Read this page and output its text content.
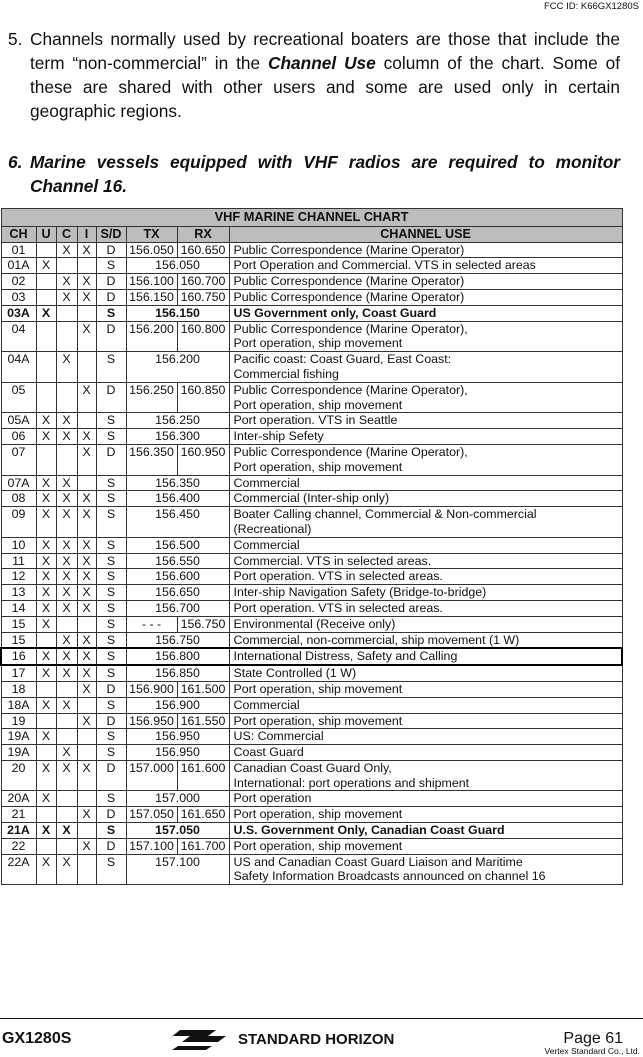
FCC ID: K66GX1280S
5. Channels normally used by recreational boaters are those that include the term “non-commercial” in the Channel Use column of the chart. Some of these are shared with other users and some are used only in certain geographic regions.
6. Marine vessels equipped with VHF radios are required to monitor Channel 16.
VHF MARINE CHANNEL CHART							
CH	U	C	I	S/D	TX	RX	CHANNEL USE
01		X	X	D	156.050	160.650	Public Correspondence (Marine Operator)

01A	X			S	156.050		Port Operation and Commercial. VTS in selected areas

02		X	X	D	156.100	160.700	Public Correspondence (Marine Operator)

03		X	X	D	156.150	160.750	Public Correspondence (Marine Operator)

03A	X			S	156.150		US Government only, Coast Guard

04			X	D	156.200	160.800	Public Correspondence (Marine Operator),
Port operation, ship movement

04A		X		S	156.200		Pacific coast: Coast Guard, East Coast:
Commercial fishing

05			X	D	156.250	160.850	Public Correspondence (Marine Operator),
Port operation, ship movement

05A	X	X		S	156.250		Port operation. VTS in Seattle

06	X	X	X	S	156.300		Inter-ship Sefety

07			X	D	156.350	160.950	Public Correspondence (Marine Operator),
Port operation, ship movement

07A	X	X		S	156.350		Commercial

08	X	X	X	S	156.400		Commercial (Inter-ship only)

09	X	X	X	S	156.450		Boater Calling channel, Commercial & Non-commercial
(Recreational)

10	X	X	X	S	156.500		Commercial

11	X	X	X	S	156.550		Commercial. VTS in selected areas.

12	X	X	X	S	156.600		Port operation. VTS in selected areas.

13	X	X	X	S	156.650		Inter-ship Navigation Safety (Bridge-to-bridge)

14	X	X	X	S	156.700		Port operation. VTS in selected areas.

15	X			S	- - -	156.750	Environmental (Receive only)

15		X	X	S	156.750		Commercial, non-commercial, ship movement (1 W)

16	X	X	X	S	156.800		International Distress, Safety and Calling

17	X	X	X	S	156.850		State Controlled (1 W)

18			X	D	156.900	161.500	Port operation, ship movement

18A	X	X		S	156.900		Commercial

19			X	D	156.950	161.550	Port operation, ship movement

19A	X			S	156.950		US: Commercial

19A		X		S	156.950		Coast Guard

20	X	X	X	D	157.000	161.600	Canadian Coast Guard Only,
International: port operations and shipment

20A	X			S	157.000		Port operation

21			X	D	157.050	161.650	Port operation, ship movement

21A	X	X		S	157.050		U.S. Government Only, Canadian Coast Guard

22			X	D	157.100	161.700	Port operation, ship movement

22A	X	X		S	157.100		US and Canadian Coast Guard Liaison and Maritime
Safety Information Broadcasts announced on channel 16
GX1280S	STANDARD HORIZON	Page 61
Vertex Standard Co., Ltd.
